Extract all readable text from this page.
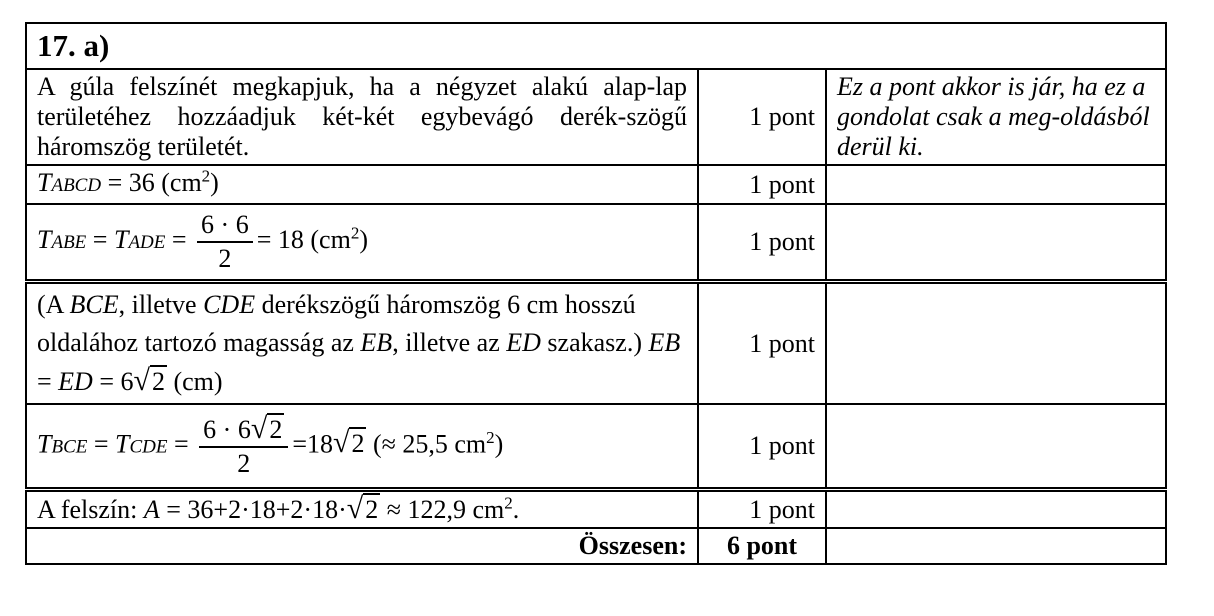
17. a)		
A gúla felszínét megkapjuk, ha a négyzet alakú alap-lap területéhez hozzáadjuk két-két egybevágó derék-szögű háromszög területét.	1 pont	Ez a pont akkor is jár, ha ez a gondolat csak a meg-oldásból derül ki.
TABCD = 36 $(cm^2)$	1 pont	
TABE = TADE = $\frac{6 \cdot 6}{2} = 18$ $(cm^2)$	1 pont	
(A BCE, illetve CDE derékszögű háromszög 6 cm hosszú oldalához tartozó magasság az EB, illetve az ED szakasz.) EB = ED = 6√2 (cm)	1 pont	
TBCE = TCDE = $\frac{6 \cdot 6√2}{2} =18√2$ (≈ 25,5 $cm^2$)	1 pont	
A felszín: A = 36+2·18+2·18·√2 ≈ 122,9 $cm^2$.	1 pont	
Összesen:	6 pont	
